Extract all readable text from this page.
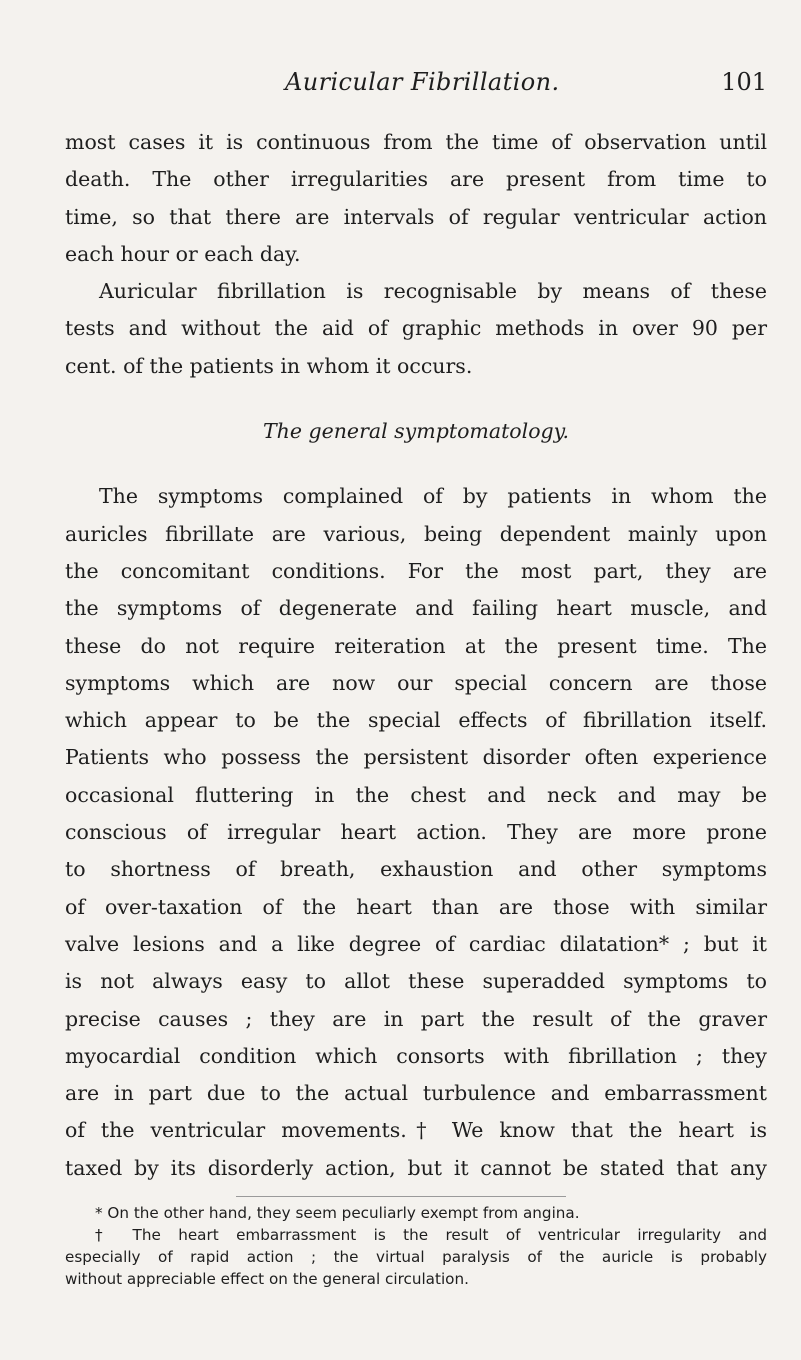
Auricular Fibrillation.	101
most cases it is continuous from the time of observation until
death. The other irregularities are present from time to
time, so that there are intervals of regular ventricular action
each hour or each day.
Auricular fibrillation is recognisable by means of these
tests and without the aid of graphic methods in over 90 per
cent. of the patients in whom it occurs.
The general symptomatology.
The symptoms complained of by patients in whom the
auricles fibrillate are various, being dependent mainly upon
the concomitant conditions. For the most part, they are
the symptoms of degenerate and failing heart muscle, and
these do not require reiteration at the present time. The
symptoms which are now our special concern are those
which appear to be the special effects of fibrillation itself.
Patients who possess the persistent disorder often experience
occasional fluttering in the chest and neck and may be
conscious of irregular heart action. They are more prone
to shortness of breath, exhaustion and other symptoms
of over-taxation of the heart than are those with similar
valve lesions and a like degree of cardiac dilatation* ; but it
is not always easy to allot these superadded symptoms to
precise causes ; they are in part the result of the graver
myocardial condition which consorts with fibrillation ; they
are in part due to the actual turbulence and embarrassment
of the ventricular movements.† We know that the heart is
taxed by its disorderly action, but it cannot be stated that any
* On the other hand, they seem peculiarly exempt from angina.
† The heart embarrassment is the result of ventricular irregularity and
especially of rapid action ; the virtual paralysis of the auricle is probably
without appreciable effect on the general circulation.
